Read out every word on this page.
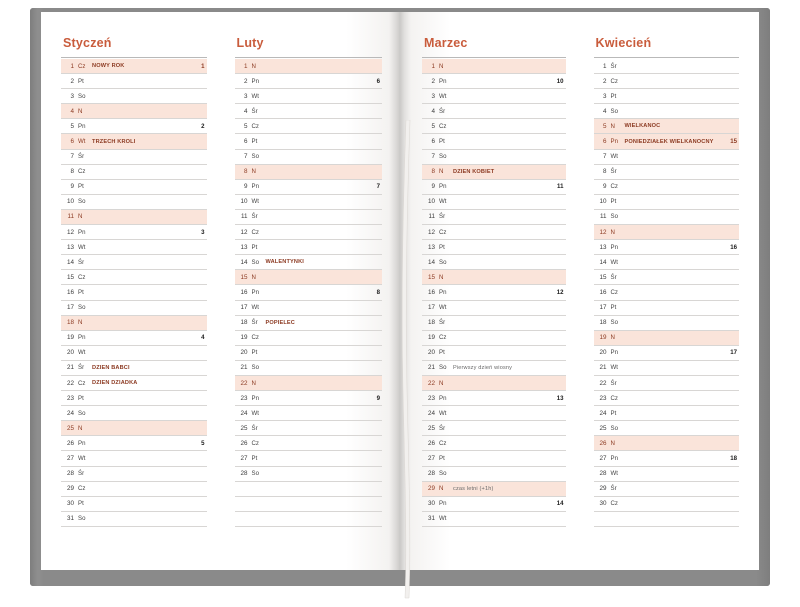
Styczeń
1 Cz	NOWY ROK	1
2 Pt
3 So
4 N
5 Pn	2
6 Wt	TRZECH KRÓLI
7 Śr
8 Cz
9 Pt
10 So
11 N
12 Pn	3
13 Wt
14 Śr
15 Cz
16 Pt
17 So
18 N
19 Pn	4
20 Wt
21 Śr	DZIEŃ BABCI
22 Cz	DZIEŃ DZIADKA
23 Pt
24 So
25 N
26 Pn	5
27 Wt
28 Śr
29 Cz
30 Pt
31 So
Luty
1 N
2 Pn	6
3 Wt
4 Śr
5 Cz
6 Pt
7 So
8 N
9 Pn	7
10 Wt
11 Śr
12 Cz
13 Pt
14 So	WALENTYNKI
15 N
16 Pn	8
17 Wt
18 Śr	POPIELEC
19 Cz
20 Pt
21 So
22 N
23 Pn	9
24 Wt
25 Śr
26 Cz
27 Pt
28 So
Marzec
1 N
2 Pn	10
3 Wt
4 Śr
5 Cz
6 Pt
7 So
8 N	DZIEŃ KOBIET
9 Pn	11
10 Wt
11 Śr
12 Cz
13 Pt
14 So
15 N
16 Pn	12
17 Wt
18 Śr
19 Cz
20 Pt
21 So	Pierwszy dzień wiosny
22 N
23 Pn	13
24 Wt
25 Śr
26 Cz
27 Pt
28 So
29 N	czas letni (+1h)
30 Pn	14
31 Wt
Kwiecień
1 Śr
2 Cz
3 Pt
4 So
5 N	WIELKANOC
6 Pn	PONIEDZIAŁEK WIELKANOCNY	15
7 Wt
8 Śr
9 Cz
10 Pt
11 So
12 N
13 Pn	16
14 Wt
15 Śr
16 Cz
17 Pt
18 So
19 N
20 Pn	17
21 Wt
22 Śr
23 Cz
24 Pt
25 So
26 N
27 Pn	18
28 Wt
29 Śr
30 Cz
